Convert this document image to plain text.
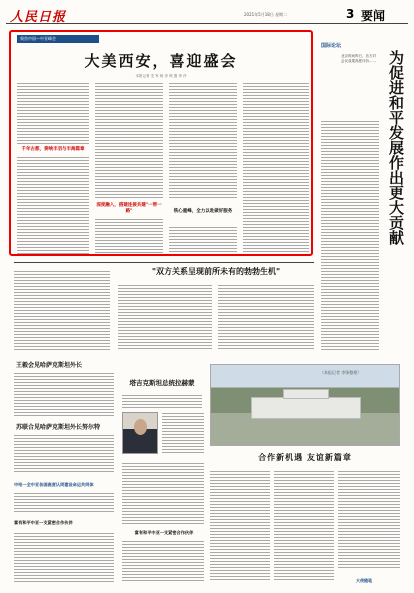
人民日报	2021年5月18日 星期二	3 要闻
聚焦中国—中亚峰会
大美西安，喜迎盛会
本报记者 龙 军 杨 彦 秋 德 李 莎
千年古都，奏响丰羽与丰海篇章
深度融入，搭建连接共建"一带一路"	铁心重峰，全力以赴做好服务
国际论坛
北京时间昨日，各方对会议成果高度评价…… 为促进和平发展作出更大贡献
"双方关系呈现前所未有的勃勃生机"
王毅会见哈萨克斯坦外长
苏联合见哈萨克斯坦外长努尔特
中哈一全中亚各国高度认同建设命运共同体
富有和平中亚一支紧密合作伙伴
塔吉克斯坦总统拉赫蒙
富有和平中亚一支紧密合作伙伴
合作新机遇 友谊新篇章
（本报记者 李锋整理）
大使随笔
